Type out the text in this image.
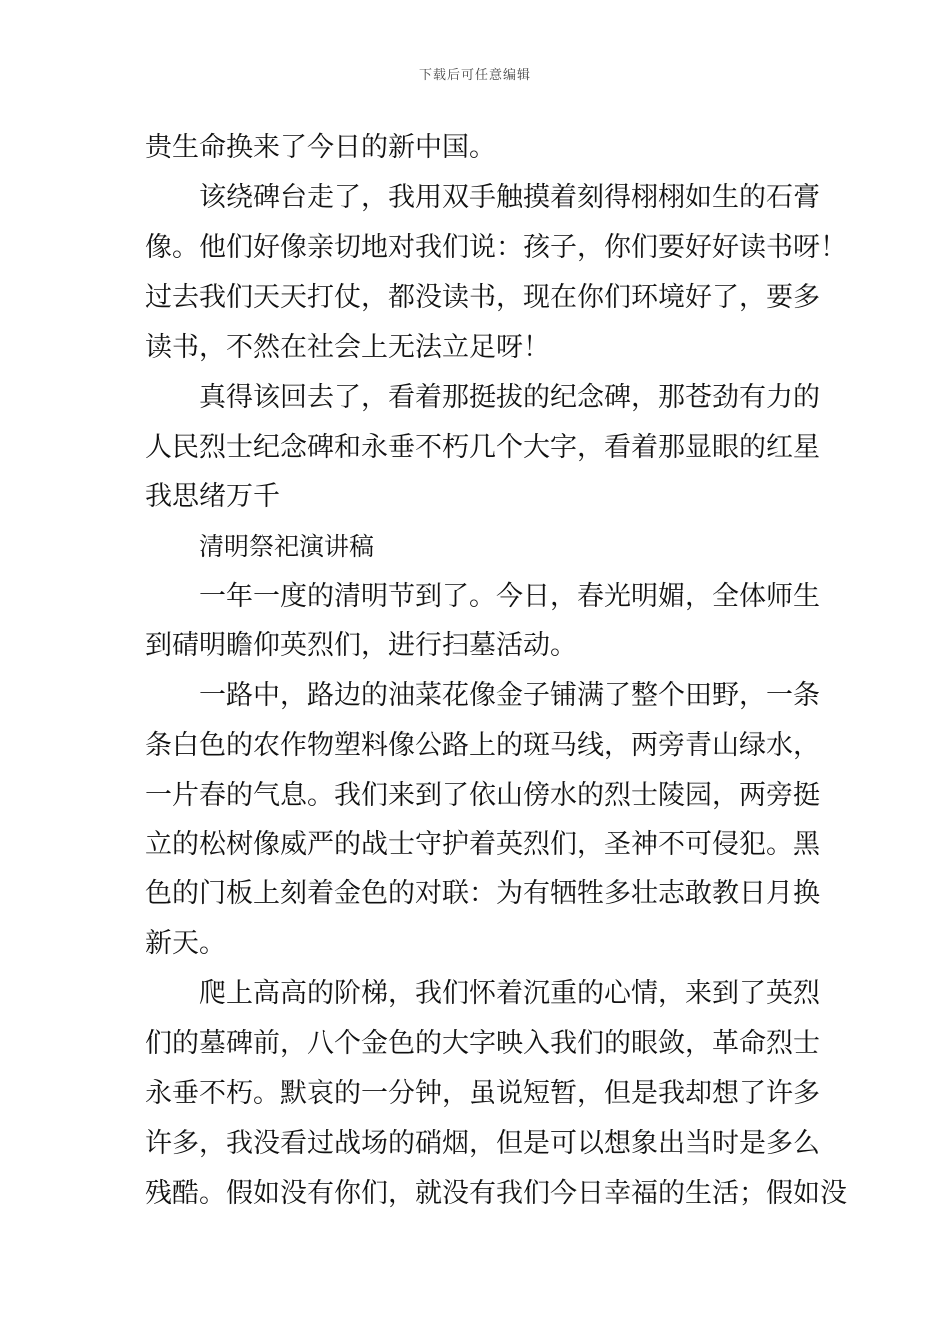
下载后可任意编辑
贵生命换来了今日的新中国。
该绕碑台走了，我用双手触摸着刻得栩栩如生的石膏
像。他们好像亲切地对我们说：孩子，你们要好好读书呀！
过去我们天天打仗，都没读书，现在你们环境好了，要多
读书，不然在社会上无法立足呀！
真得该回去了，看着那挺拔的纪念碑，那苍劲有力的
人民烈士纪念碑和永垂不朽几个大字，看着那显眼的红星
我思绪万千
清明祭祀演讲稿
一年一度的清明节到了。今日，春光明媚，全体师生
到碃明瞻仰英烈们，进行扫墓活动。
一路中，路边的油菜花像金子铺满了整个田野，一条
条白色的农作物塑料像公路上的斑马线，两旁青山绿水，
一片春的气息。我们来到了依山傍水的烈士陵园，两旁挺
立的松树像威严的战士守护着英烈们，圣神不可侵犯。黑
色的门板上刻着金色的对联：为有牺牲多壮志敢教日月换
新天。
爬上高高的阶梯，我们怀着沉重的心情，来到了英烈
们的墓碑前，八个金色的大字映入我们的眼敛，革命烈士
永垂不朽。默哀的一分钟，虽说短暂，但是我却想了许多
许多，我没看过战场的硝烟，但是可以想象出当时是多么
残酷。假如没有你们，就没有我们今日幸福的生活；假如没
